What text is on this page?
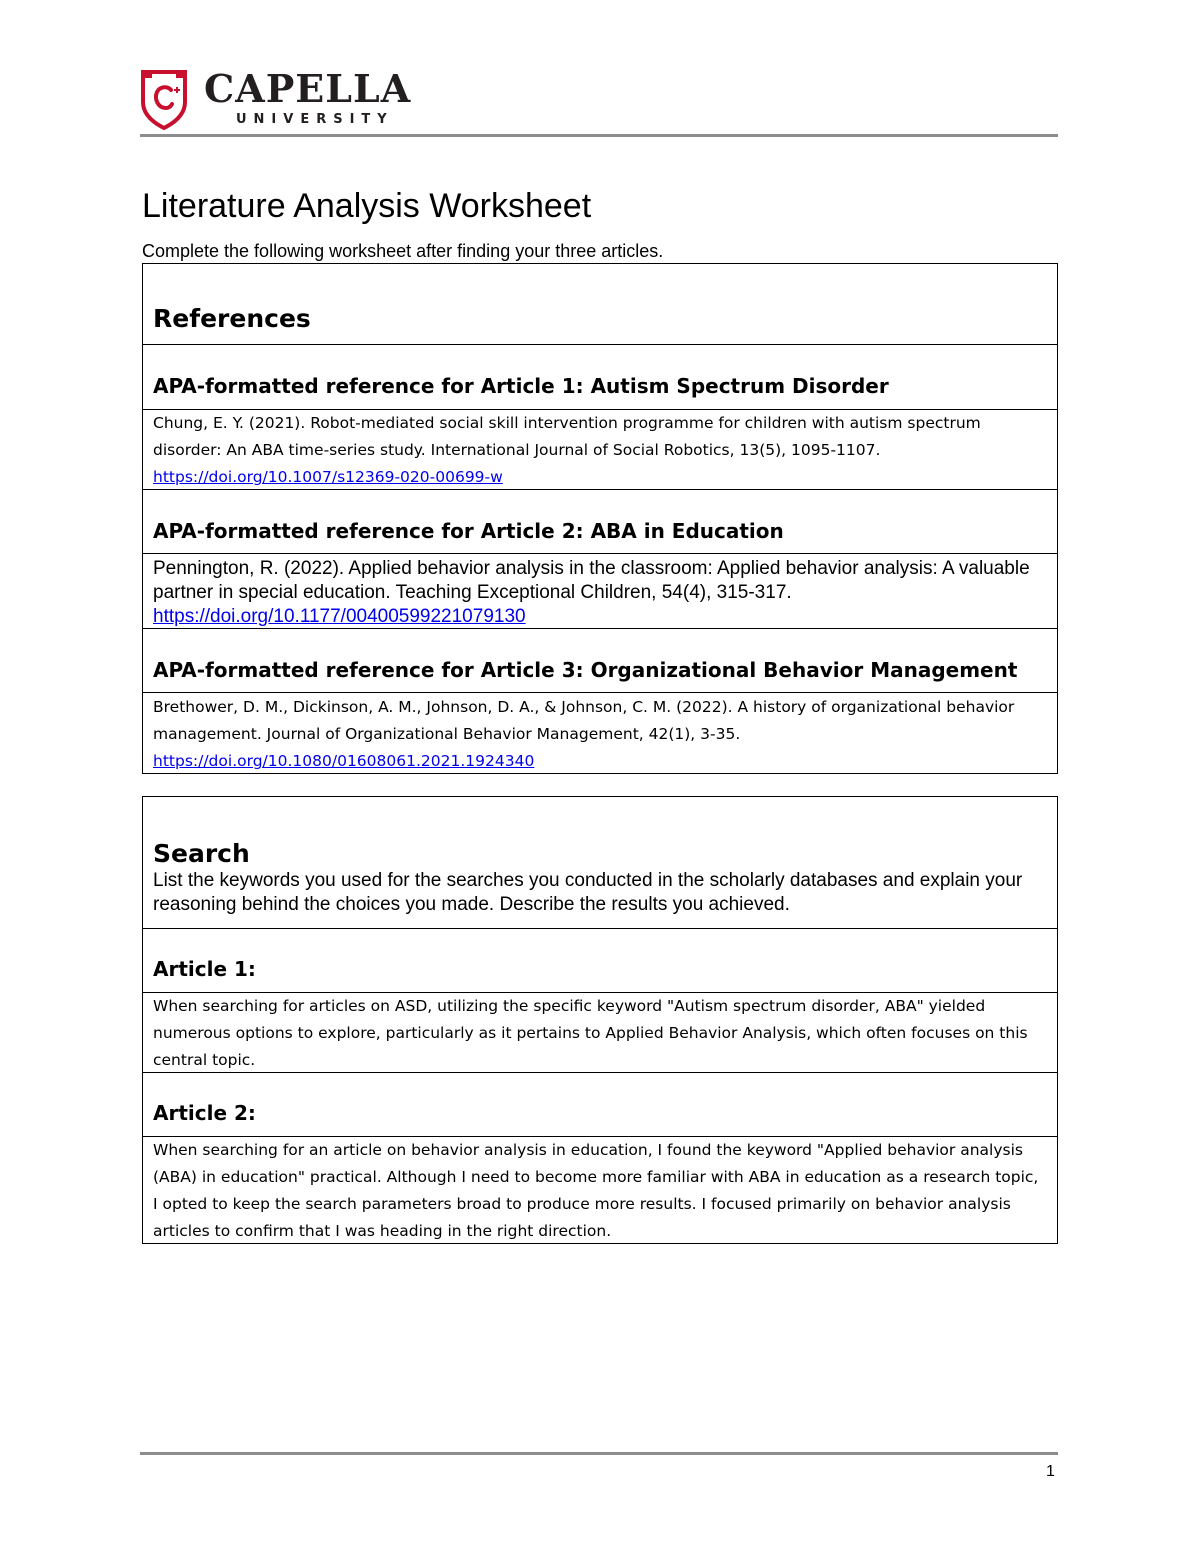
CAPELLA
UNIVERSITY
Literature Analysis Worksheet
Complete the following worksheet after finding your three articles.
References
APA-formatted reference for Article 1: Autism Spectrum Disorder
Chung, E. Y. (2021). Robot-mediated social skill intervention programme for children with autism spectrum disorder: An ABA time-series study. International Journal of Social Robotics, 13(5), 1095-1107. https://doi.org/10.1007/s12369-020-00699-w
APA-formatted reference for Article 2: ABA in Education
Pennington, R. (2022). Applied behavior analysis in the classroom: Applied behavior analysis: A valuable partner in special education. Teaching Exceptional Children, 54(4), 315-317. https://doi.org/10.1177/00400599221079130
APA-formatted reference for Article 3: Organizational Behavior Management
Brethower, D. M., Dickinson, A. M., Johnson, D. A., & Johnson, C. M. (2022). A history of organizational behavior management. Journal of Organizational Behavior Management, 42(1), 3-35. https://doi.org/10.1080/01608061.2021.1924340
Search
List the keywords you used for the searches you conducted in the scholarly databases and explain your reasoning behind the choices you made. Describe the results you achieved.
Article 1:
When searching for articles on ASD, utilizing the specific keyword "Autism spectrum disorder, ABA" yielded numerous options to explore, particularly as it pertains to Applied Behavior Analysis, which often focuses on this central topic.
Article 2:
When searching for an article on behavior analysis in education, I found the keyword "Applied behavior analysis (ABA) in education" practical. Although I need to become more familiar with ABA in education as a research topic, I opted to keep the search parameters broad to produce more results. I focused primarily on behavior analysis articles to confirm that I was heading in the right direction.
1
